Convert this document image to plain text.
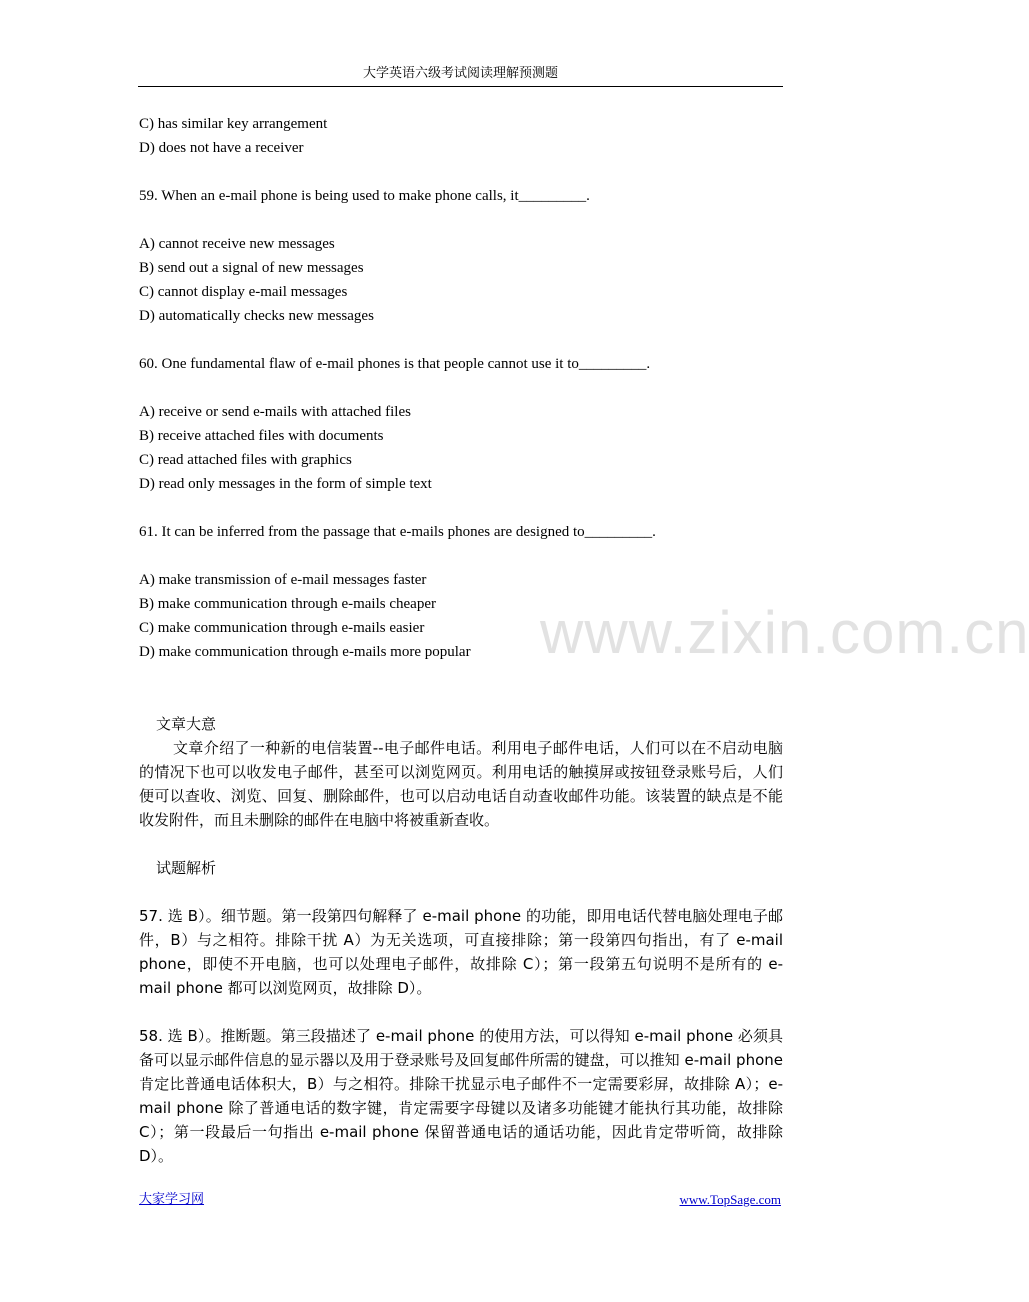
大学英语六级考试阅读理解预测题
www.zixin.com.cn
C) has similar key arrangement
D) does not have a receiver
59. When an e-mail phone is being used to make phone calls, it_________.
A) cannot receive new messages
B) send out a signal of new messages
C) cannot display e-mail messages
D) automatically checks new messages
60. One fundamental flaw of e-mail phones is that people cannot use it to_________.
A) receive or send e-mails with attached files
B) receive attached files with documents
C) read attached files with graphics
D) read only messages in the form of simple text
61. It can be inferred from the passage that e-mails phones are designed to_________.
A) make transmission of e-mail messages faster
B) make communication through e-mails cheaper
C) make communication through e-mails easier
D) make communication through e-mails more popular
文章大意
文章介绍了一种新的电信装置--电子邮件电话。利用电子邮件电话，人们可以在不启动电脑的情况下也可以收发电子邮件，甚至可以浏览网页。利用电话的触摸屏或按钮登录账号后，人们便可以查收、浏览、回复、删除邮件，也可以启动电话自动查收邮件功能。该装置的缺点是不能收发附件，而且未删除的邮件在电脑中将被重新查收。
试题解析
57. 选 B）。细节题。第一段第四句解释了 e-mail phone 的功能，即用电话代替电脑处理电子邮件，B）与之相符。排除干扰 A）为无关选项，可直接排除；第一段第四句指出，有了 e-mail phone，即使不开电脑，也可以处理电子邮件，故排除 C）；第一段第五句说明不是所有的 e-mail phone 都可以浏览网页，故排除 D）。
58. 选 B）。推断题。第三段描述了 e-mail phone 的使用方法，可以得知 e-mail phone 必须具备可以显示邮件信息的显示器以及用于登录账号及回复邮件所需的键盘，可以推知 e-mail phone 肯定比普通电话体积大，B）与之相符。排除干扰显示电子邮件不一定需要彩屏，故排除 A）；e-mail phone 除了普通电话的数字键，肯定需要字母键以及诸多功能键才能执行其功能，故排除 C）；第一段最后一句指出 e-mail phone 保留普通电话的通话功能，因此肯定带听筒，故排除 D）。
大家学习网	www.TopSage.com
